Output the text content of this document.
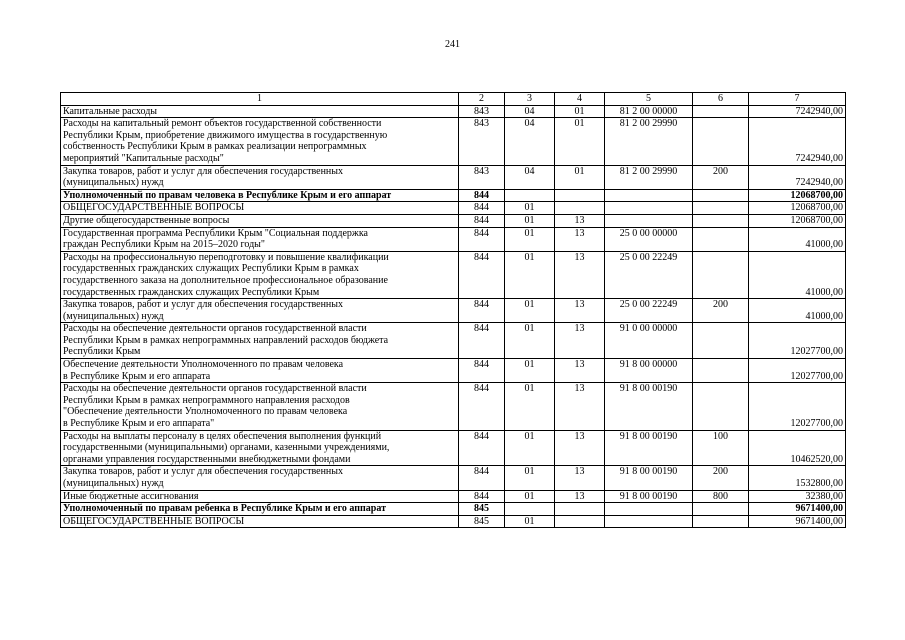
241
1	2	3	4	5	6	7

Капитальные расходы	843	04	01	81 2 00 00000		7242940,00

Расходы на капитальный ремонт объектов государственной собственности
Республики Крым, приобретение движимого имущества в государственную
собственность Республики Крым в рамках реализации непрограммных
мероприятий "Капитальные расходы"	843	04	01	81 2 00 29990		7242940,00

Закупка товаров, работ и услуг для обеспечения государственных
(муниципальных) нужд	843	04	01	81 2 00 29990	200	7242940,00

Уполномоченный по правам человека в Республике Крым и его аппарат	844					12068700,00

ОБЩЕГОСУДАРСТВЕННЫЕ ВОПРОСЫ	844	01				12068700,00

Другие общегосударственные вопросы	844	01	13			12068700,00

Государственная программа Республики Крым "Социальная поддержка
граждан Республики Крым на 2015–2020 годы"	844	01	13	25 0 00 00000		41000,00

Расходы на профессиональную переподготовку и повышение квалификации
государственных гражданских служащих Республики Крым в рамках
государственного заказа на дополнительное профессиональное образование
государственных гражданских служащих Республики Крым	844	01	13	25 0 00 22249		41000,00

Закупка товаров, работ и услуг для обеспечения государственных
(муниципальных) нужд	844	01	13	25 0 00 22249	200	41000,00

Расходы на обеспечение деятельности органов государственной власти
Республики Крым в рамках непрограммных направлений расходов бюджета
Республики Крым	844	01	13	91 0 00 00000		12027700,00

Обеспечение деятельности Уполномоченного по правам человека
в Республике Крым и его аппарата	844	01	13	91 8 00 00000		12027700,00

Расходы на обеспечение деятельности органов государственной власти
Республики Крым в рамках непрограммного направления расходов
"Обеспечение деятельности Уполномоченного по правам человека
в Республике Крым и его аппарата"	844	01	13	91 8 00 00190		12027700,00

Расходы на выплаты персоналу в целях обеспечения выполнения функций
государственными (муниципальными) органами, казенными учреждениями,
органами управления государственными внебюджетными фондами	844	01	13	91 8 00 00190	100	10462520,00

Закупка товаров, работ и услуг для обеспечения государственных
(муниципальных) нужд	844	01	13	91 8 00 00190	200	1532800,00

Иные бюджетные ассигнования	844	01	13	91 8 00 00190	800	32380,00

Уполномоченный по правам ребенка в Республике Крым и его аппарат	845					9671400,00

ОБЩЕГОСУДАРСТВЕННЫЕ ВОПРОСЫ	845	01				9671400,00
